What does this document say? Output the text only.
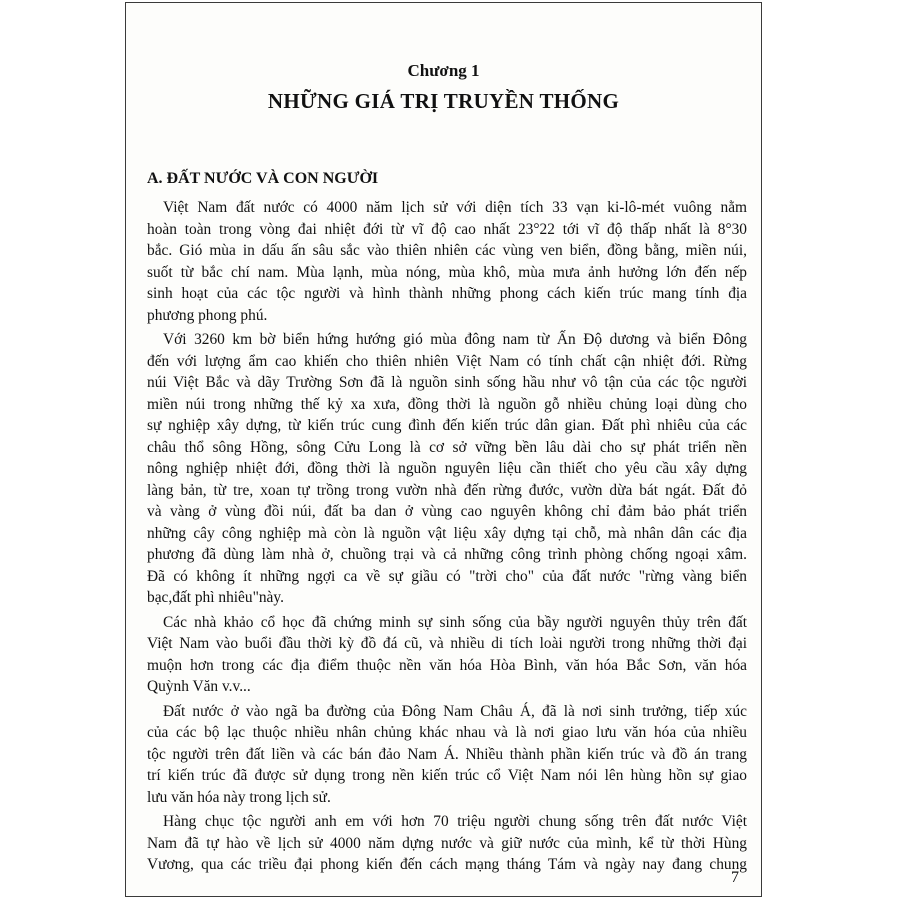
Chương 1
NHỮNG GIÁ TRỊ TRUYỀN THỐNG
A. ĐẤT NƯỚC VÀ CON NGƯỜI
Việt Nam đất nước có 4000 năm lịch sử với diện tích 33 vạn ki-lô-mét vuông nằm
hoàn toàn trong vòng đai nhiệt đới từ vĩ độ cao nhất 23°22 tới vĩ độ thấp nhất là 8°30
bắc. Gió mùa in dấu ấn sâu sắc vào thiên nhiên các vùng ven biển, đồng bằng, miền núi,
suốt từ bắc chí nam. Mùa lạnh, mùa nóng, mùa khô, mùa mưa ảnh hưởng lớn đến nếp
sinh hoạt của các tộc người và hình thành những phong cách kiến trúc mang tính địa
phương phong phú.
Với 3260 km bờ biển hứng hướng gió mùa đông nam từ Ấn Độ dương và biển Đông
đến với lượng ẩm cao khiến cho thiên nhiên Việt Nam có tính chất cận nhiệt đới. Rừng
núi Việt Bắc và dãy Trường Sơn đã là nguồn sinh sống hầu như vô tận của các tộc người
miền núi trong những thế kỷ xa xưa, đồng thời là nguồn gỗ nhiều chủng loại dùng cho
sự nghiệp xây dựng, từ kiến trúc cung đình đến kiến trúc dân gian. Đất phì nhiêu của các
châu thổ sông Hồng, sông Cửu Long là cơ sở vững bền lâu dài cho sự phát triển nền
nông nghiệp nhiệt đới, đồng thời là nguồn nguyên liệu cần thiết cho yêu cầu xây dựng
làng bản, từ tre, xoan tự trồng trong vườn nhà đến rừng đước, vườn dừa bát ngát. Đất đỏ
và vàng ở vùng đồi núi, đất ba dan ở vùng cao nguyên không chỉ đảm bảo phát triển
những cây công nghiệp mà còn là nguồn vật liệu xây dựng tại chỗ, mà nhân dân các địa
phương đã dùng làm nhà ở, chuồng trại và cả những công trình phòng chống ngoại xâm.
Đã có không ít những ngợi ca về sự giầu có "trời cho" của đất nước "rừng vàng biển
bạc,đất phì nhiêu"này.
Các nhà khảo cổ học đã chứng minh sự sinh sống của bầy người nguyên thủy trên đất
Việt Nam vào buổi đầu thời kỳ đồ đá cũ, và nhiều di tích loài người trong những thời đại
muộn hơn trong các địa điểm thuộc nền văn hóa Hòa Bình, văn hóa Bắc Sơn, văn hóa
Quỳnh Văn v.v...
Đất nước ở vào ngã ba đường của Đông Nam Châu Á, đã là nơi sinh trưởng, tiếp xúc
của các bộ lạc thuộc nhiều nhân chủng khác nhau và là nơi giao lưu văn hóa của nhiều
tộc người trên đất liền và các bán đảo Nam Á. Nhiều thành phần kiến trúc và đồ án trang
trí kiến trúc đã được sử dụng trong nền kiến trúc cổ Việt Nam nói lên hùng hồn sự giao
lưu văn hóa này trong lịch sử.
Hàng chục tộc người anh em với hơn 70 triệu người chung sống trên đất nước Việt
Nam đã tự hào về lịch sử 4000 năm dựng nước và giữ nước của mình, kể từ thời Hùng
Vương, qua các triều đại phong kiến đến cách mạng tháng Tám và ngày nay đang chung
7
